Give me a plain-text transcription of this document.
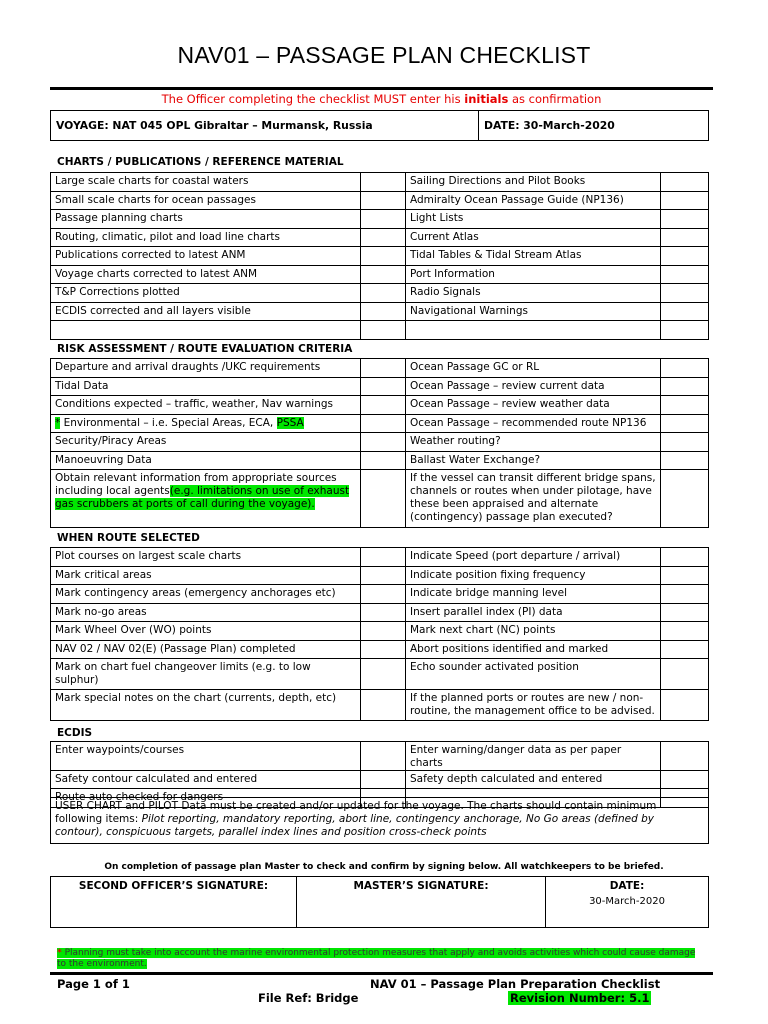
NAV01 – PASSAGE PLAN CHECKLIST
The Officer completing the checklist MUST enter his initials as confirmation
VOYAGE: NAT 045 OPL Gibraltar – Murmansk, Russia	DATE: 30-March-2020
CHARTS / PUBLICATIONS / REFERENCE MATERIAL
Large scale charts for coastal waters		Sailing Directions and Pilot Books	
Small scale charts for ocean passages		Admiralty Ocean Passage Guide (NP136)	
Passage planning charts		Light Lists	
Routing, climatic, pilot and load line charts		Current Atlas	
Publications corrected to latest ANM		Tidal Tables & Tidal Stream Atlas	
Voyage charts corrected to latest ANM		Port Information	
T&P Corrections plotted		Radio Signals	
ECDIS corrected and all layers visible		Navigational Warnings	

RISK ASSESSMENT / ROUTE EVALUATION CRITERIA
Departure and arrival draughts /UKC requirements		Ocean Passage GC or RL	
Tidal Data		Ocean Passage – review current data	
Conditions expected – traffic, weather, Nav warnings		Ocean Passage – review weather data	
* Environmental – i.e. Special Areas, ECA, PSSA		Ocean Passage – recommended route NP136	
Security/Piracy Areas		Weather routing?	
Manoeuvring Data		Ballast Water Exchange?	
Obtain relevant information from appropriate sources including local agents(e.g. limitations on use of exhaust gas scrubbers at ports of call during the voyage).		If the vessel can transit different bridge spans, channels or routes when under pilotage, have these been appraised and alternate (contingency) passage plan executed?	
WHEN ROUTE SELECTED
Plot courses on largest scale charts		Indicate Speed (port departure / arrival)	
Mark critical areas		Indicate position fixing frequency	
Mark contingency areas (emergency anchorages etc)		Indicate bridge manning level	
Mark no-go areas		Insert parallel index (PI) data	
Mark Wheel Over (WO) points		Mark next chart (NC) points	
NAV 02 / NAV 02(E) (Passage Plan) completed		Abort positions identified and marked	
Mark on chart fuel changeover limits (e.g. to low sulphur)		Echo sounder activated position	
Mark special notes on the chart (currents, depth, etc)		If the planned ports or routes are new / non-routine, the management office to be advised.	
ECDIS
Enter waypoints/courses		Enter warning/danger data as per paper charts	
Safety contour calculated and entered		Safety depth calculated and entered	
Route auto checked for dangers			
USER CHART and PILOT Data must be created and/or updated for the voyage. The charts should contain minimum following items: Pilot reporting, mandatory reporting, abort line, contingency anchorage, No Go areas (defined by contour), conspicuous targets, parallel index lines and position cross-check points
On completion of passage plan Master to check and confirm by signing below. All watchkeepers to be briefed.
SECOND OFFICER’S SIGNATURE:	MASTER’S SIGNATURE:	DATE:
30-March-2020
* Planning must take into account the marine environmental protection measures that apply and avoids activities which could cause damage to the environment.
Page 1 of 1	NAV 01 – Passage Plan Preparation Checklist
File Ref: Bridge	Revision Number: 5.1
